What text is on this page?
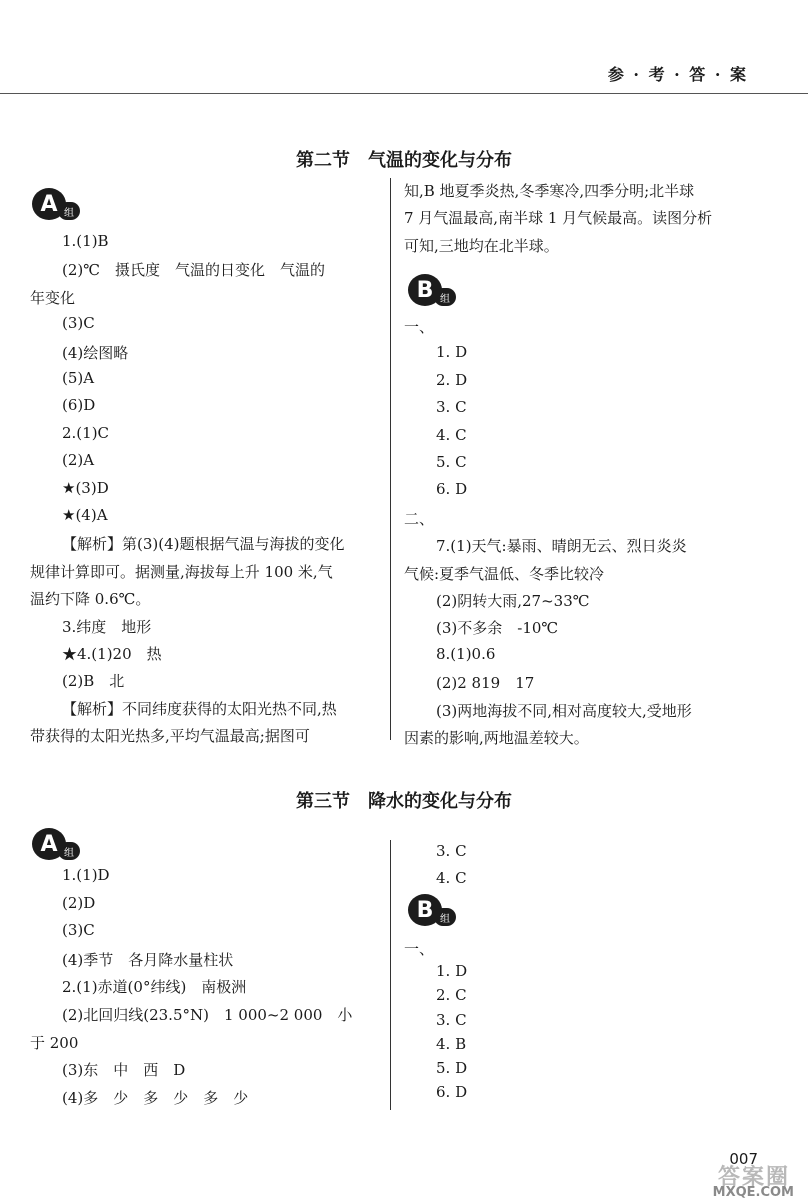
参 · 考 · 答 · 案
第二节　气温的变化与分布
A 组
1.(1)B
(2)℃　摄氏度　气温的日变化　气温的
年变化
(3)C
(4)绘图略
(5)A
(6)D
2.(1)C
(2)A
★(3)D
★(4)A
【解析】第(3)(4)题根据气温与海拔的变化
规律计算即可。据测量,海拔每上升 100 米,气
温约下降 0.6℃。
3.纬度　地形
★4.(1)20　热
(2)B　北
【解析】不同纬度获得的太阳光热不同,热
带获得的太阳光热多,平均气温最高;据图可
知,B 地夏季炎热,冬季寒冷,四季分明;北半球
7 月气温最高,南半球 1 月气候最高。读图分析
可知,三地均在北半球。
B 组
一、
1. D
2. D
3. C
4. C
5. C
6. D
二、
7.(1)天气:暴雨、晴朗无云、烈日炎炎
气候:夏季气温低、冬季比较冷
(2)阴转大雨,27~33℃
(3)不多余　-10℃
8.(1)0.6
(2)2 819　17
(3)两地海拔不同,相对高度较大,受地形
因素的影响,两地温差较大。
第三节　降水的变化与分布
A 组
1.(1)D
(2)D
(3)C
(4)季节　各月降水量柱状
2.(1)赤道(0°纬线)　南极洲
(2)北回归线(23.5°N)　1 000~2 000　小
于 200
(3)东　中　西　D
(4)多　少　多　少　多　少
3. C
4. C
B 组
一、
1. D
2. C
3. C
4. B
5. D
6. D
007
答案圈
MXQE.COM
